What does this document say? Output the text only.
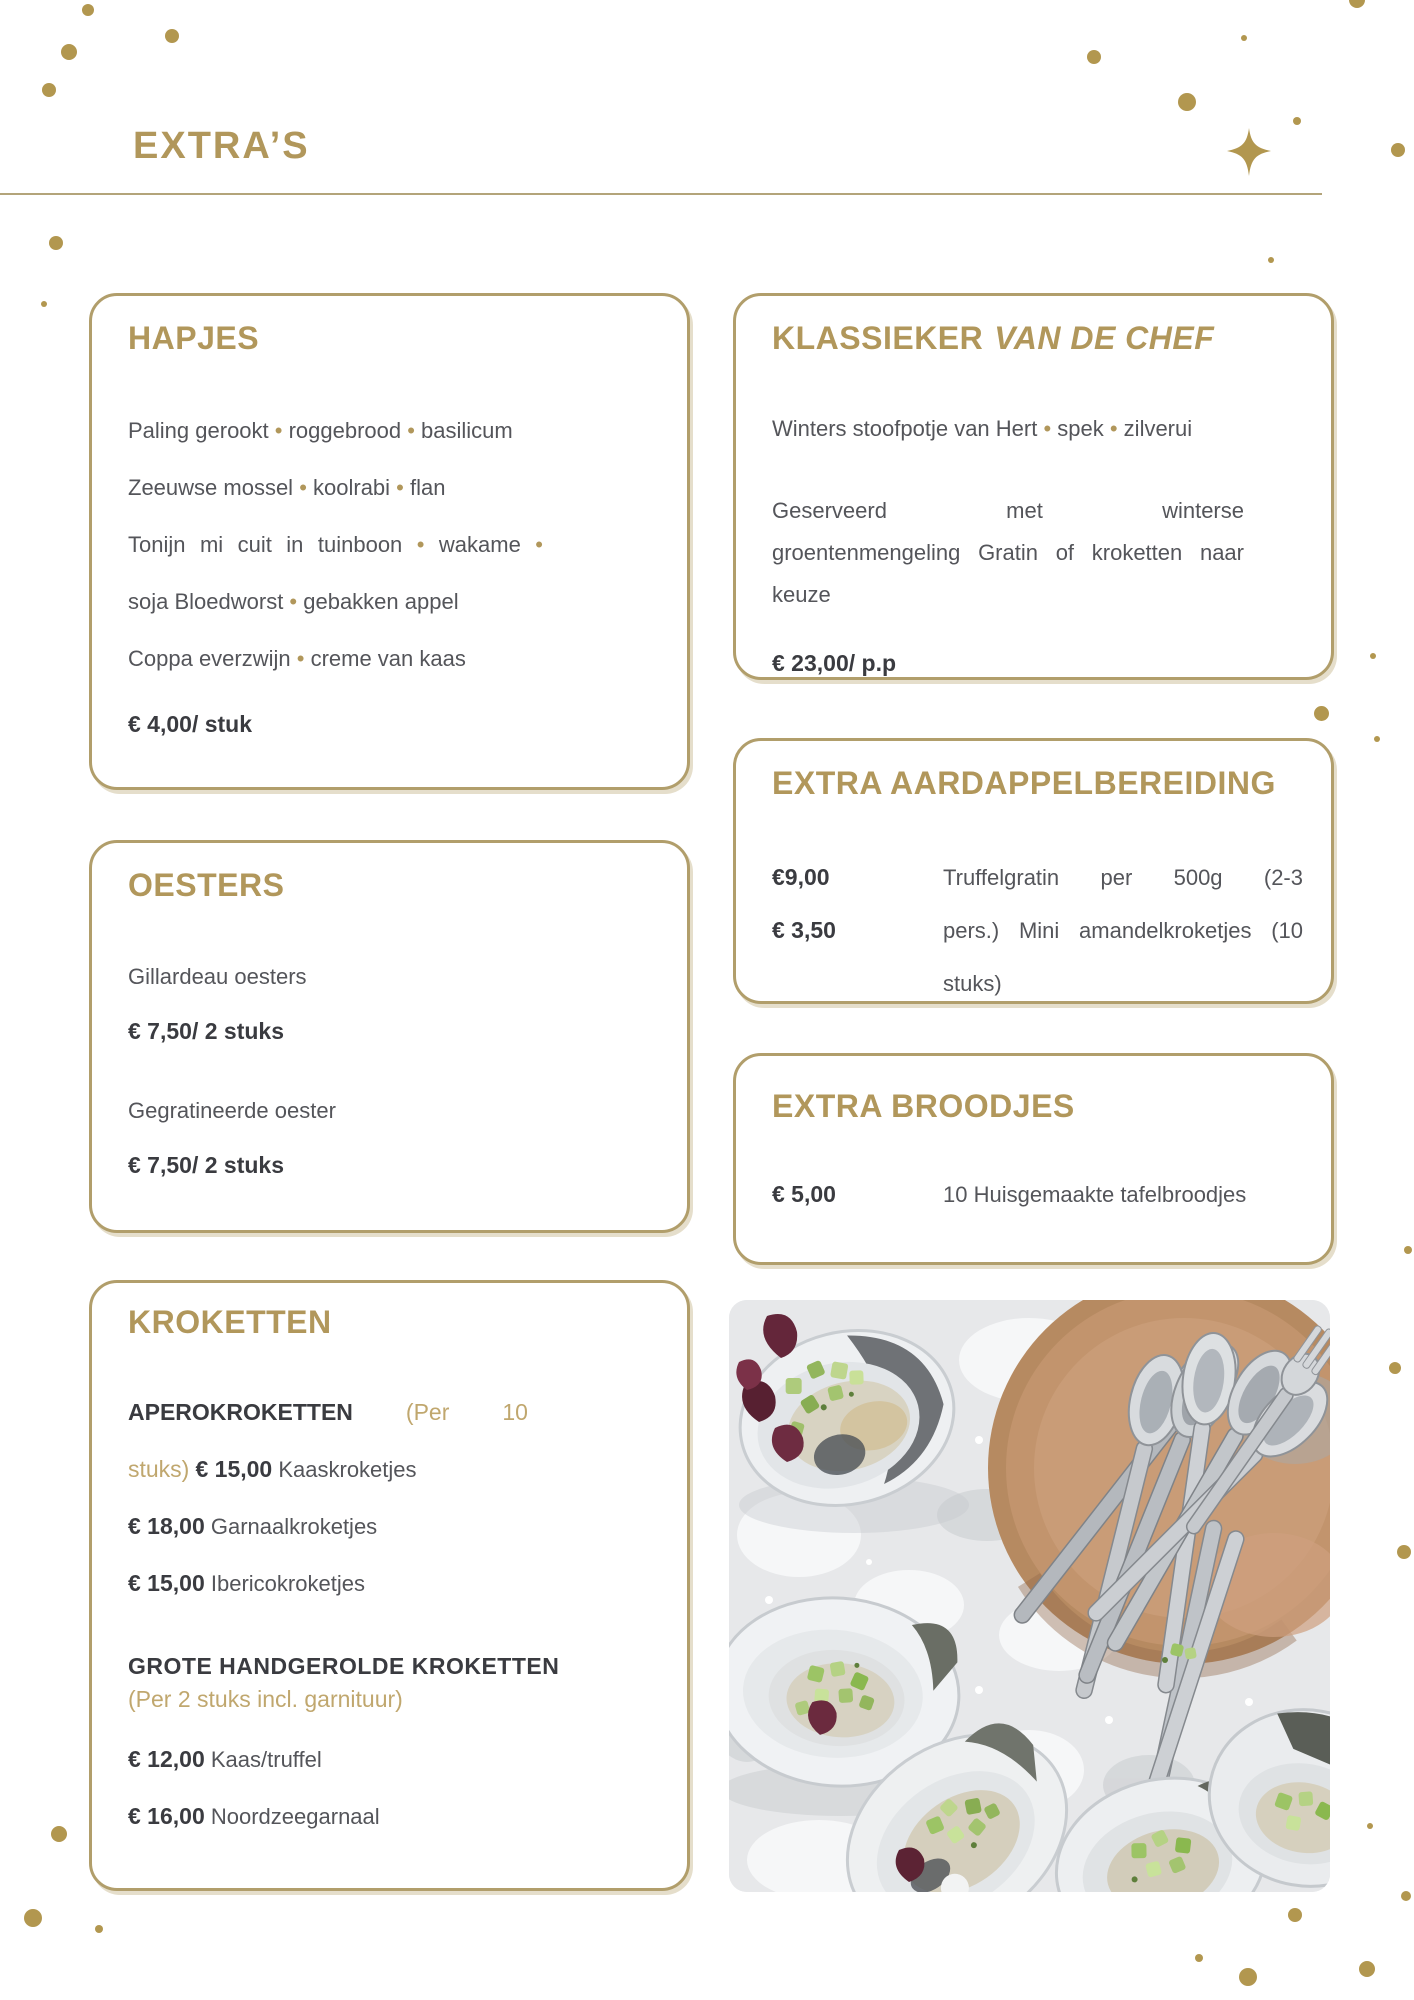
EXTRA’S
HAPJES
Paling gerookt • roggebrood • basilicum
Zeeuwse mossel • koolrabi • flan
Tonijn mi cuit in tuinboon • wakame •
soja Bloedworst • gebakken appel
Coppa everzwijn • creme van kaas
€ 4,00/ stuk
KLASSIEKER VAN DE CHEF
Winters stoofpotje van Hert • spek • zilverui
Geserveerd met winterse
groentenmengeling Gratin of kroketten naar
keuze
€ 23,00/ p.p
EXTRA AARDAPPELBEREIDING
€9,00
€ 3,50
Truffelgratin per 500g (2-3
pers.) Mini amandelkroketjes (10
stuks)
OESTERS
Gillardeau oesters
€ 7,50/ 2 stuks
Gegratineerde oester
€ 7,50/ 2 stuks
EXTRA BROODJES
€ 5,00	10 Huisgemaakte tafelbroodjes
KROKETTEN
APEROKROKETTEN (Per 10
stuks) € 15,00 Kaaskroketjes
€ 18,00 Garnaalkroketjes
€ 15,00 Ibericokroketjes
GROTE HANDGEROLDE KROKETTEN
(Per 2 stuks incl. garnituur)
€ 12,00 Kaas/truffel
€ 16,00 Noordzeegarnaal
